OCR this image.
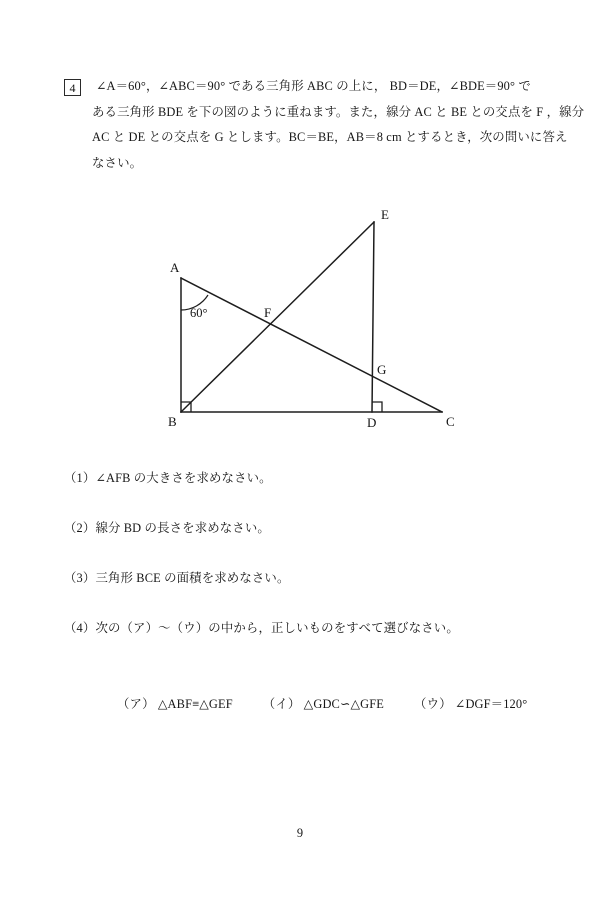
4	∠A＝60°，∠ABC＝90° である三角形 ABC の上に， BD＝DE，∠BDE＝90° で
ある三角形 BDE を下の図のように重ねます。また，線分 AC と BE との交点を F ，線分
AC と DE との交点を G とします。BC＝BE，AB＝8 cm とするとき，次の問いに答え
なさい。
A
B	C
D
E
F
G
60°
（1）∠AFB の大きさを求めなさい。
（2）線分 BD の長さを求めなさい。
（3）三角形 BCE の面積を求めなさい。
（4）次の（ア）～（ウ）の中から，正しいものをすべて選びなさい。
（ア） △ABF≡△GEF （イ） △GDC∽△GFE （ウ） ∠DGF＝120°
9
